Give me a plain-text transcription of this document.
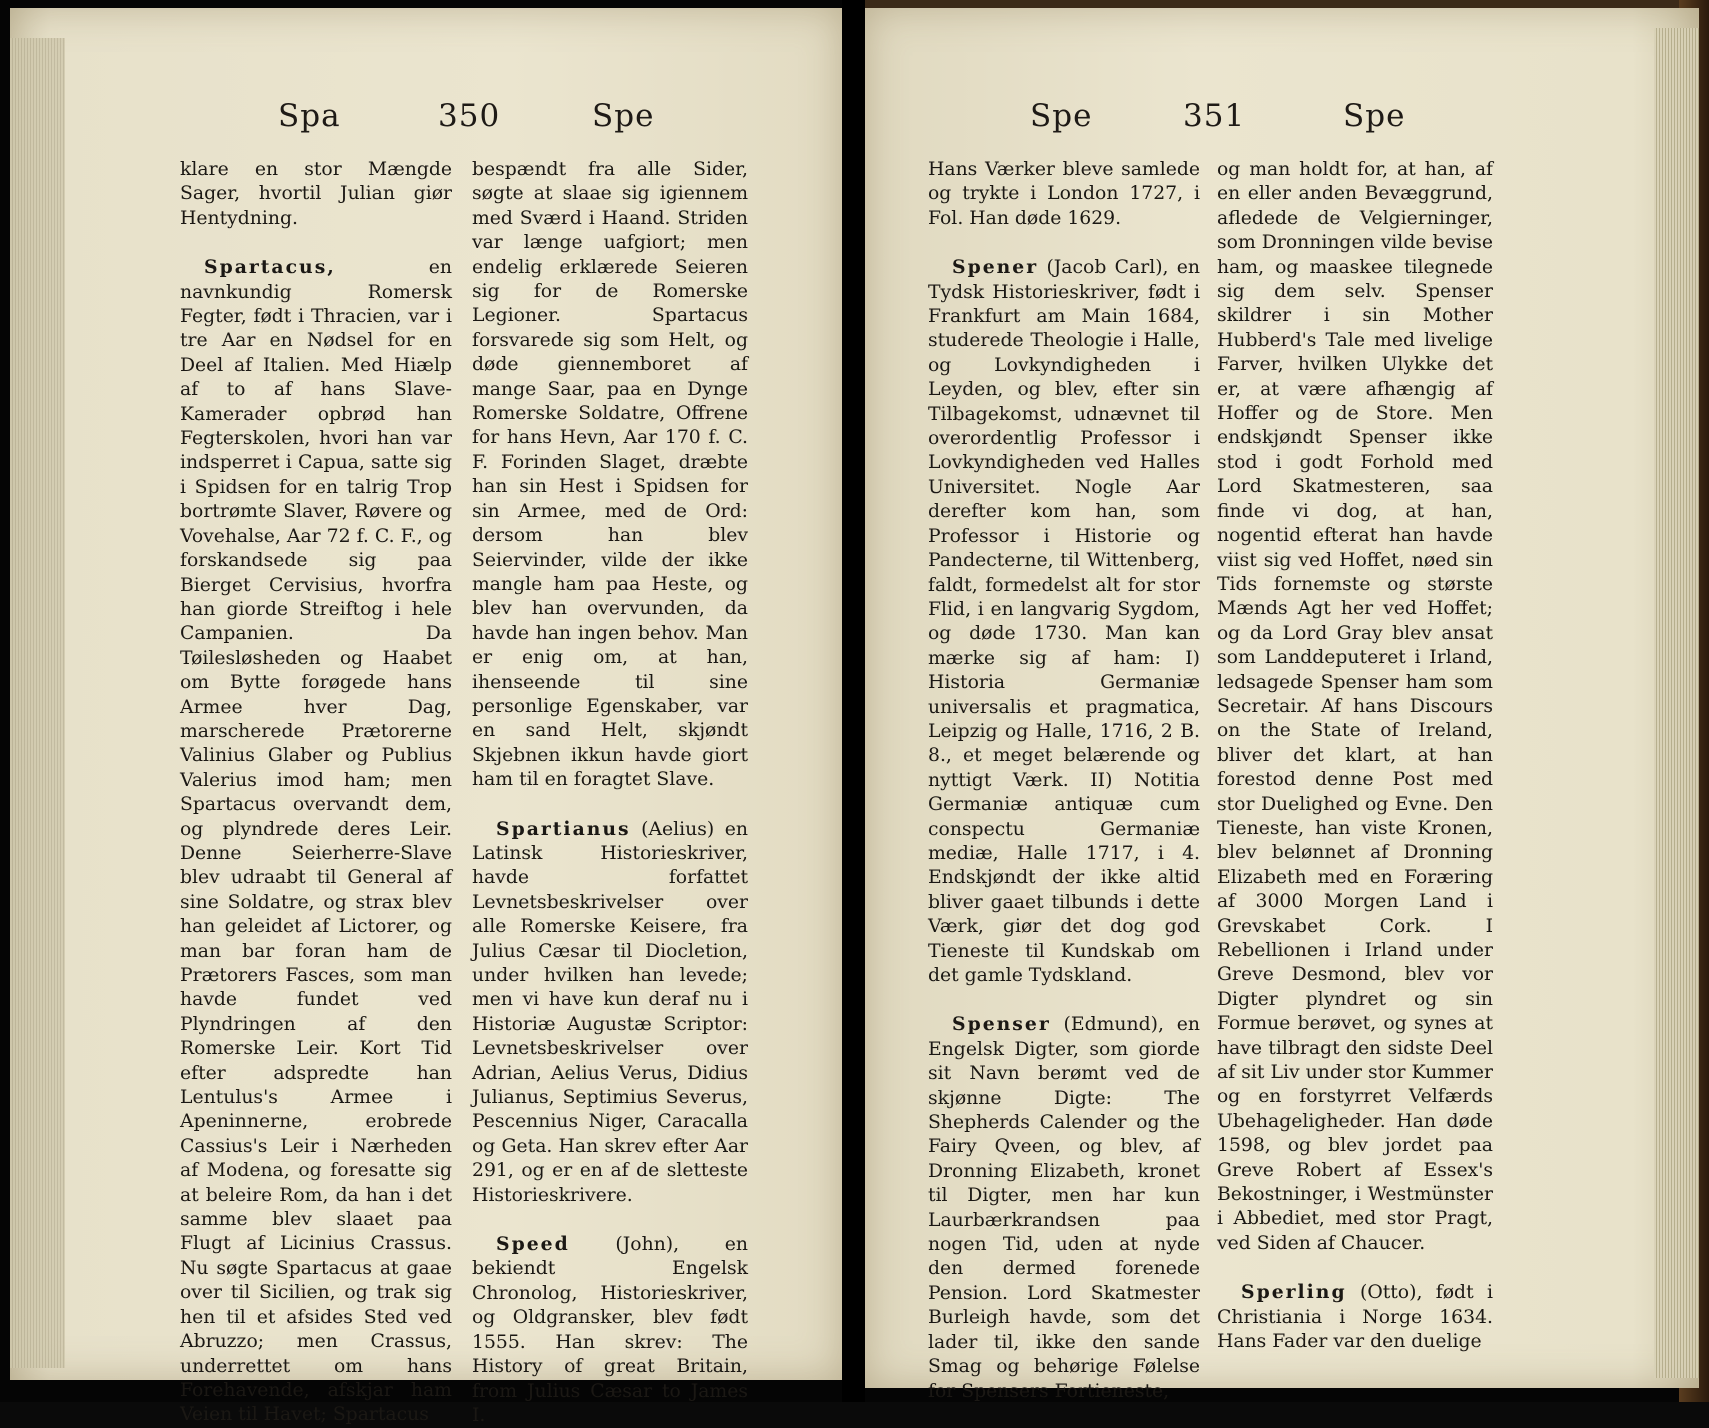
Spa	350	Spe

klare en stor Mængde Sager, hvortil Julian giør Hentydning.

Spartacus, en navnkundig Romersk Fegter, født i Thracien, var i tre Aar en Nødsel for en Deel af Italien. Med Hiælp af to af hans Slave-Kamerader opbrød han Fegterskolen, hvori han var indsperret i Capua, satte sig i Spidsen for en talrig Trop bortrømte Slaver, Røvere og Vovehalse, Aar 72 f. C. F., og forskandsede sig paa Bierget Cervisius, hvorfra han giorde Streiftog i hele Campanien. Da Tøilesløsheden og Haabet om Bytte forøgede hans Armee hver Dag, marscherede Prætorerne Valinius Glaber og Publius Valerius imod ham; men Spartacus overvandt dem, og plyndrede deres Leir. Denne Seierherre-Slave blev udraabt til General af sine Soldatre, og strax blev han geleidet af Lictorer, og man bar foran ham de Prætorers Fasces, som man havde fundet ved Plyndringen af den Romerske Leir. Kort Tid efter adspredte han Lentulus's Armee i Apeninnerne, erobrede Cassius's Leir i Nærheden af Modena, og foresatte sig at beleire Rom, da han i det samme blev slaaet paa Flugt af Licinius Crassus. Nu søgte Spartacus at gaae over til Sicilien, og trak sig hen til et afsides Sted ved Abruzzo; men Crassus, underrettet om hans Forehavende, afskjar ham Veien til Havet; Spartacus

bespændt fra alle Sider, søgte at slaae sig igiennem med Sværd i Haand. Striden var længe uafgiort; men endelig erklærede Seieren sig for de Romerske Legioner. Spartacus forsvarede sig som Helt, og døde giennemboret af mange Saar, paa en Dynge Romerske Soldatre, Offrene for hans Hevn, Aar 170 f. C. F. Forinden Slaget, dræbte han sin Hest i Spidsen for sin Armee, med de Ord: dersom han blev Seiervinder, vilde der ikke mangle ham paa Heste, og blev han overvunden, da havde han ingen behov. Man er enig om, at han, ihenseende til sine personlige Egenskaber, var en sand Helt, skjøndt Skjebnen ikkun havde giort ham til en foragtet Slave.

Spartianus (Aelius) en Latinsk Historieskriver, havde forfattet Levnetsbeskrivelser over alle Romerske Keisere, fra Julius Cæsar til Diocletion, under hvilken han levede; men vi have kun deraf nu i Historiæ Augustæ Scriptor: Levnetsbeskrivelser over Adrian, Aelius Verus, Didius Julianus, Septimius Severus, Pescennius Niger, Caracalla og Geta. Han skrev efter Aar 291, og er en af de sletteste Historieskrivere.

Speed (John), en bekiendt Engelsk Chronolog, Historieskriver, og Oldgransker, blev født 1555. Han skrev: The History of great Britain, from Julius Cæsar to James I.

Spe	351	Spe

Hans Værker bleve samlede og trykte i London 1727, i Fol. Han døde 1629.

Spener (Jacob Carl), en Tydsk Historieskriver, født i Frankfurt am Main 1684, studerede Theologie i Halle, og Lovkyndigheden i Leyden, og blev, efter sin Tilbagekomst, udnævnet til overordentlig Professor i Lovkyndigheden ved Halles Universitet. Nogle Aar derefter kom han, som Professor i Historie og Pandecterne, til Wittenberg, faldt, formedelst alt for stor Flid, i en langvarig Sygdom, og døde 1730. Man kan mærke sig af ham: I) Historia Germaniæ universalis et pragmatica, Leipzig og Halle, 1716, 2 B. 8., et meget belærende og nyttigt Værk. II) Notitia Germaniæ antiquæ cum conspectu Germaniæ mediæ, Halle 1717, i 4. Endskjøndt der ikke altid bliver gaaet tilbunds i dette Værk, giør det dog god Tieneste til Kundskab om det gamle Tydskland.

Spenser (Edmund), en Engelsk Digter, som giorde sit Navn berømt ved de skjønne Digte: The Shepherds Calender og the Fairy Qveen, og blev, af Dronning Elizabeth, kronet til Digter, men har kun Laurbærkrandsen paa nogen Tid, uden at nyde den dermed forenede Pension. Lord Skatmester Burleigh havde, som det lader til, ikke den sande Smag og behørige Følelse for Spensers Fortieneste,

og man holdt for, at han, af en eller anden Bevæggrund, afledede de Velgierninger, som Dronningen vilde bevise ham, og maaskee tilegnede sig dem selv. Spenser skildrer i sin Mother Hubberd's Tale med livelige Farver, hvilken Ulykke det er, at være afhængig af Hoffer og de Store. Men endskjøndt Spenser ikke stod i godt Forhold med Lord Skatmesteren, saa finde vi dog, at han, nogentid efterat han havde viist sig ved Hoffet, nøed sin Tids fornemste og største Mænds Agt her ved Hoffet; og da Lord Gray blev ansat som Landdeputeret i Irland, ledsagede Spenser ham som Secretair. Af hans Discours on the State of Ireland, bliver det klart, at han forestod denne Post med stor Duelighed og Evne. Den Tieneste, han viste Kronen, blev belønnet af Dronning Elizabeth med en Foræring af 3000 Morgen Land i Grevskabet Cork. I Rebellionen i Irland under Greve Desmond, blev vor Digter plyndret og sin Formue berøvet, og synes at have tilbragt den sidste Deel af sit Liv under stor Kummer og en forstyrret Velfærds Ubehageligheder. Han døde 1598, og blev jordet paa Greve Robert af Essex's Bekostninger, i Westmünster i Abbediet, med stor Pragt, ved Siden af Chaucer.

Sperling (Otto), født i Christiania i Norge 1634. Hans Fader var den duelige
